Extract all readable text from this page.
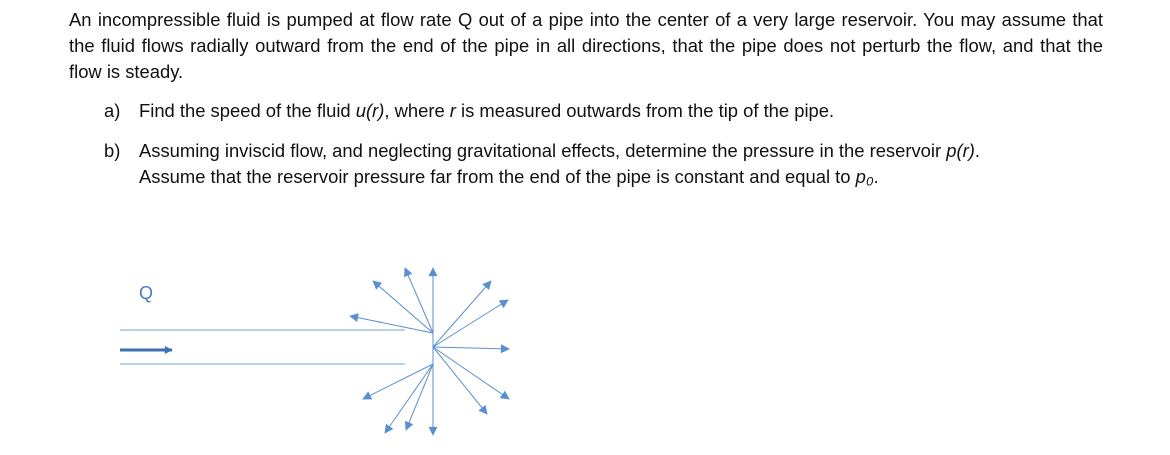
An incompressible fluid is pumped at flow rate Q out of a pipe into the center of a very large reservoir. You may assume that the fluid flows radially outward from the end of the pipe in all directions, that the pipe does not perturb the flow, and that the flow is steady.

a) Find the speed of the fluid u(r), where r is measured outwards from the tip of the pipe.

b) Assuming inviscid flow, and neglecting gravitational effects, determine the pressure in the reservoir p(r).
Assume that the reservoir pressure far from the end of the pipe is constant and equal to p₀.

Q
